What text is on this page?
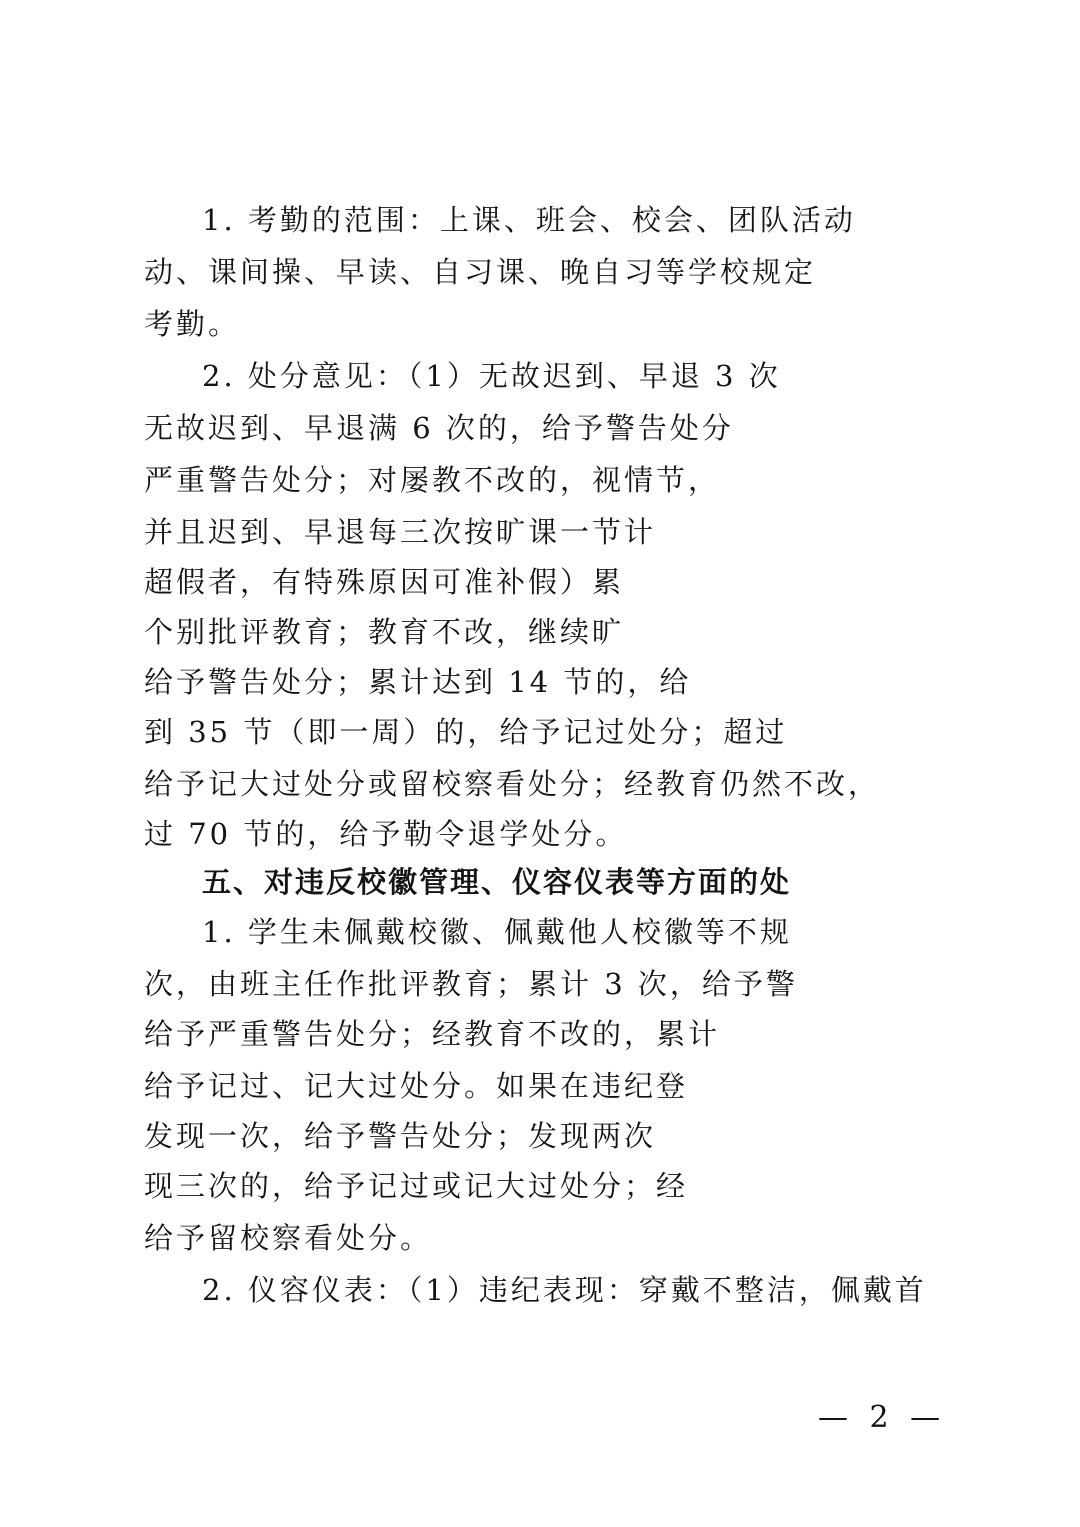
1. 考勤的范围：上课、班会、校会、团队活动
动、课间操、早读、自习课、晚自习等学校规定
考勤。
2. 处分意见：（1）无故迟到、早退 3 次
无故迟到、早退满 6 次的，给予警告处分
严重警告处分；对屡教不改的，视情节，
并且迟到、早退每三次按旷课一节计
超假者，有特殊原因可准补假）累
个别批评教育；教育不改，继续旷
给予警告处分；累计达到 14 节的，给
到 35 节（即一周）的，给予记过处分；超过
给予记大过处分或留校察看处分；经教育仍然不改，
过 70 节的，给予勒令退学处分。
五、对违反校徽管理、仪容仪表等方面的处
1. 学生未佩戴校徽、佩戴他人校徽等不规
次，由班主任作批评教育；累计 3 次，给予警
给予严重警告处分；经教育不改的，累计
给予记过、记大过处分。如果在违纪登
发现一次，给予警告处分；发现两次
现三次的，给予记过或记大过处分；经
给予留校察看处分。
2. 仪容仪表：（1）违纪表现：穿戴不整洁，佩戴首
— 2 —
